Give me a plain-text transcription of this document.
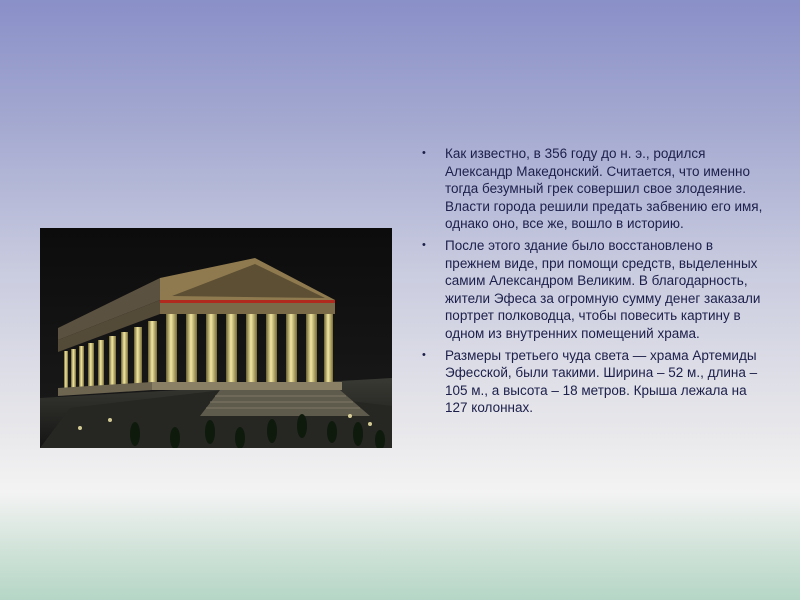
• Как известно, в 356 году до н. э., родился Александр Македонский. Считается, что именно тогда безумный грек совершил свое злодеяние. Власти города решили предать забвению его имя, однако оно, все же, вошло в историю.

• После этого здание было восстановлено в прежнем виде, при помощи средств, выделенных самим Александром Великим. В благодарность, жители Эфеса за огромную сумму денег заказали портрет полководца, чтобы повесить картину в одном из внутренних помещений храма.

• Размеры третьего чуда света — храма Артемиды Эфесской, были такими. Ширина – 52 м., длина – 105 м., а высота – 18 метров. Крыша лежала на 127 колоннах.
